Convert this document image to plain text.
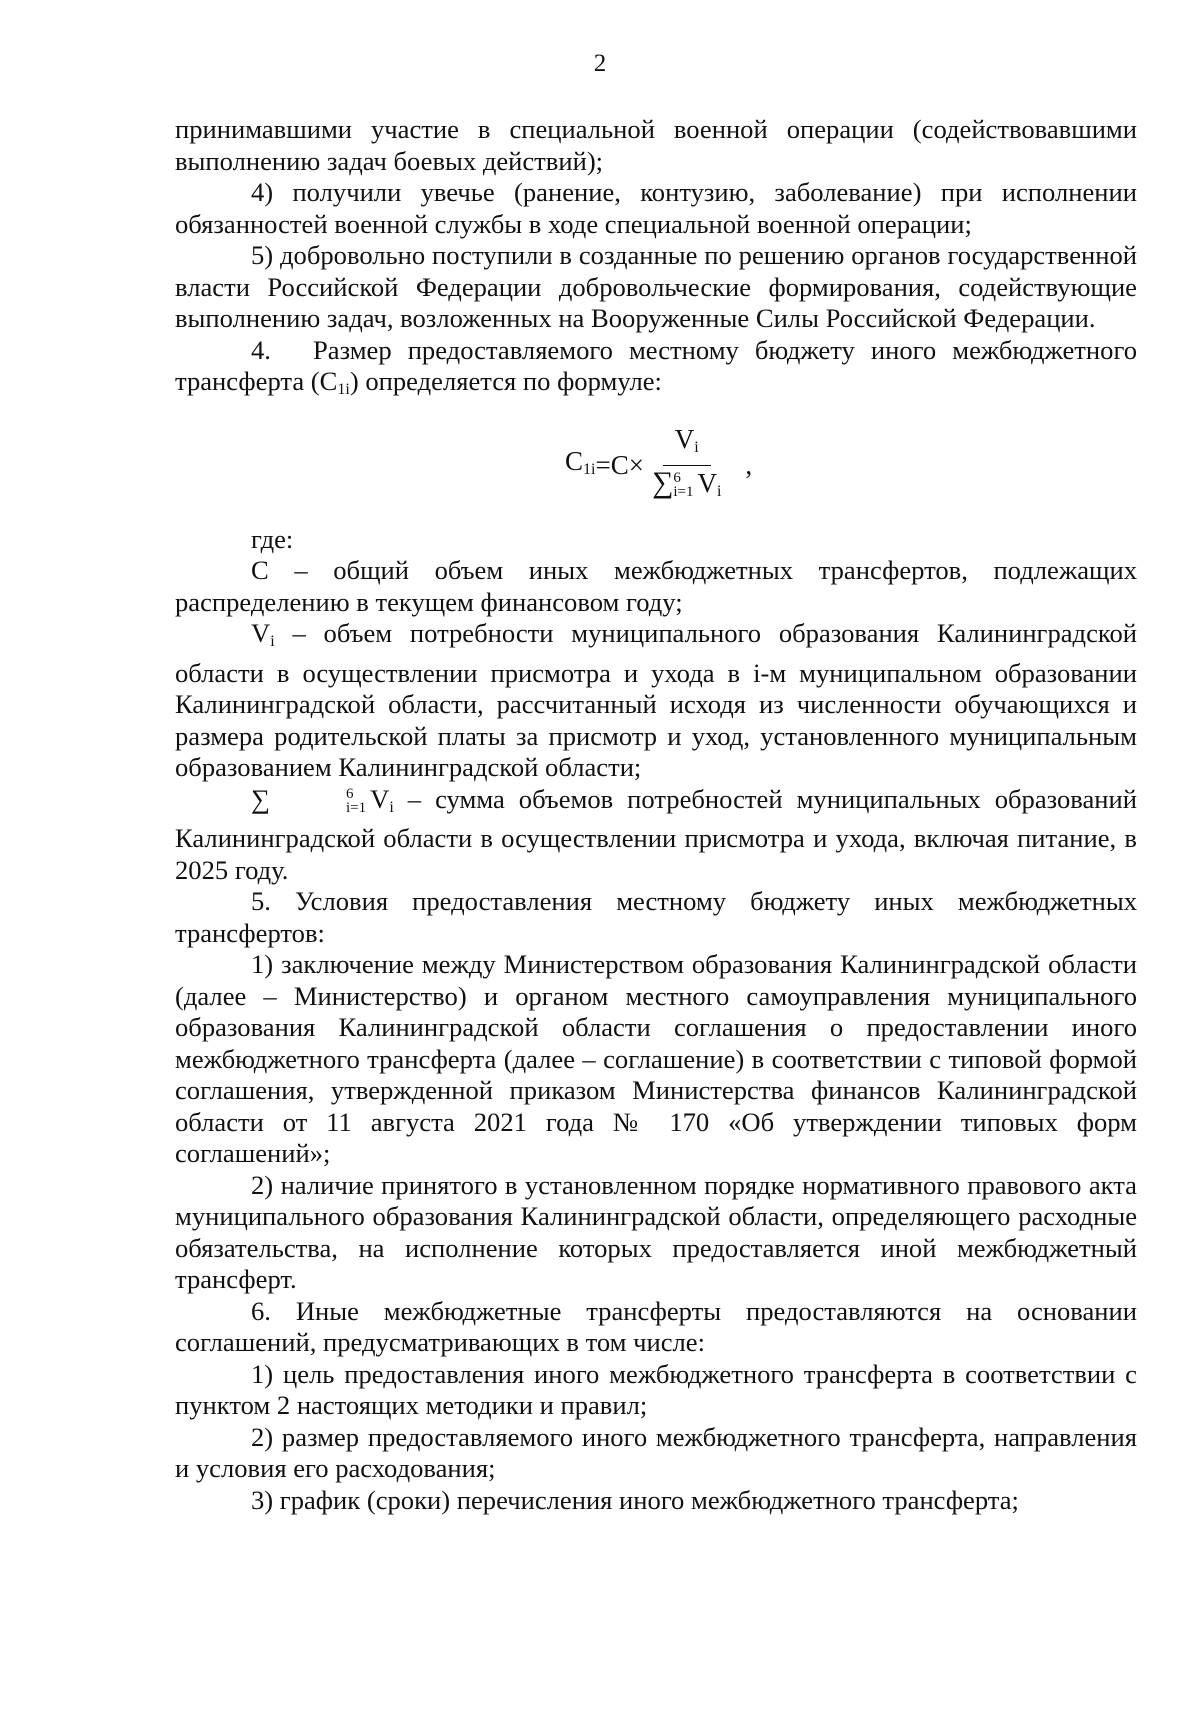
2

принимавшими участие в специальной военной операции (содействовавшими выполнению задач боевых действий);

4) получили увечье (ранение, контузию, заболевание) при исполнении обязанностей военной службы в ходе специальной военной операции;

5) добровольно поступили в созданные по решению органов государственной власти Российской Федерации добровольческие формирования, содействующие выполнению задач, возложенных на Вооруженные Силы Российской Федерации.

4. Размер предоставляемого местному бюджету иного межбюджетного трансферта $(C_{1i})$ определяется по формуле:

$C_{1i} =C\times V_i$
∑ 6
i=1 $V_i$ ,

где:

C – общий объем иных межбюджетных трансфертов, подлежащих распределению в текущем финансовом году;

$V_i$ – объем потребности муниципального образования Калининградской области в осуществлении присмотра и ухода в i-м муниципальном образовании Калининградской области, рассчитанный исходя из численности обучающихся и размера родительской платы за присмотр и уход, установленного муниципальным образованием Калининградской области;

∑	6
i=1 $V_i$ – сумма объемов потребностей муниципальных образований Калининградской области в осуществлении присмотра и ухода, включая питание, в 2025 году.

5. Условия предоставления местному бюджету иных межбюджетных трансфертов:

1) заключение между Министерством образования Калининградской области (далее – Министерство) и органом местного самоуправления муниципального образования Калининградской области соглашения о предоставлении иного межбюджетного трансферта (далее – соглашение) в соответствии с типовой формой соглашения, утвержденной приказом Министерства финансов Калининградской области от 11 августа 2021 года № 170 «Об утверждении типовых форм соглашений»;

2) наличие принятого в установленном порядке нормативного правового акта муниципального образования Калининградской области, определяющего расходные обязательства, на исполнение которых предоставляется иной межбюджетный трансферт.

6. Иные межбюджетные трансферты предоставляются на основании соглашений, предусматривающих в том числе:

1) цель предоставления иного межбюджетного трансферта в соответствии с пунктом 2 настоящих методики и правил;

2) размер предоставляемого иного межбюджетного трансферта, направления и условия его расходования;

3) график (сроки) перечисления иного межбюджетного трансферта;
